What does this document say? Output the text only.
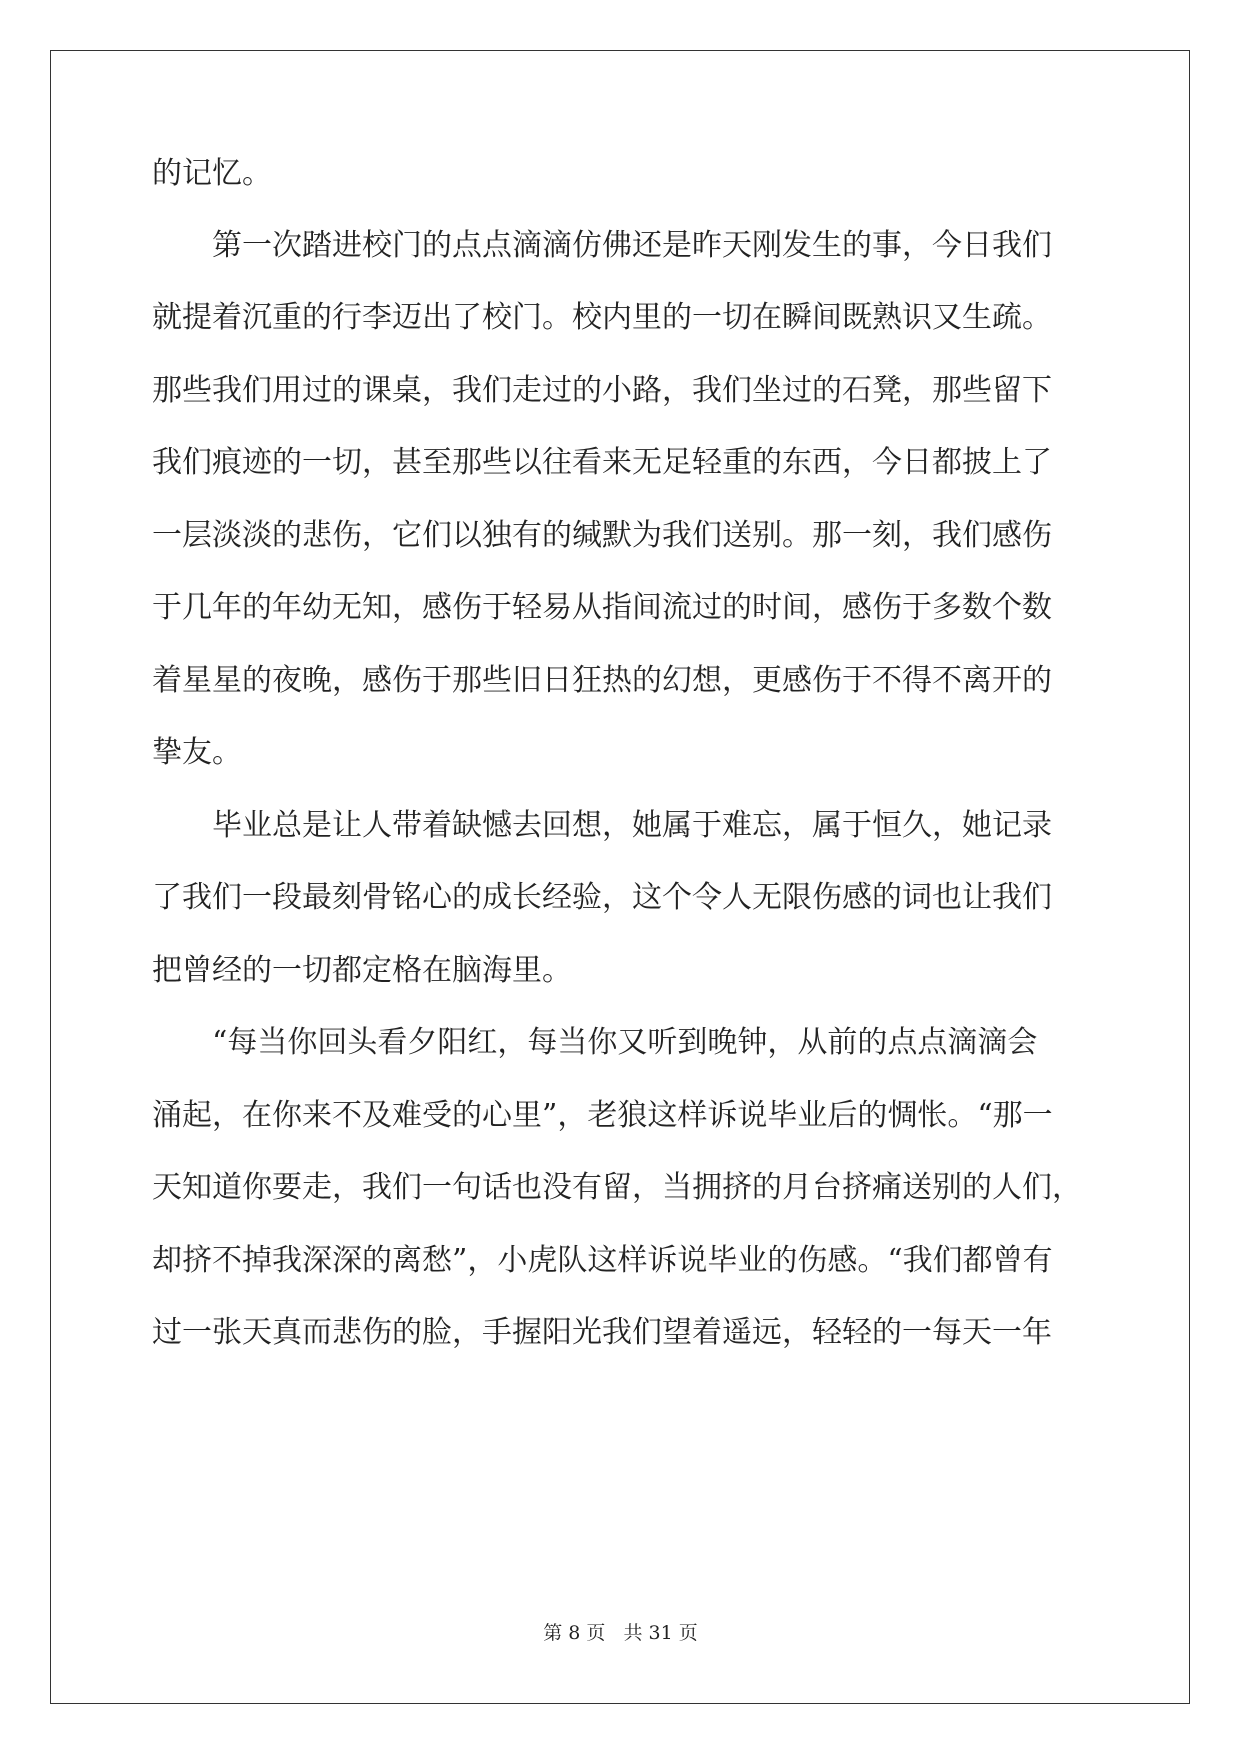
的记忆。
　　第一次踏进校门的点点滴滴仿佛还是昨天刚发生的事，今日我们
就提着沉重的行李迈出了校门。校内里的一切在瞬间既熟识又生疏。
那些我们用过的课桌，我们走过的小路，我们坐过的石凳，那些留下
我们痕迹的一切，甚至那些以往看来无足轻重的东西，今日都披上了
一层淡淡的悲伤，它们以独有的缄默为我们送别。那一刻，我们感伤
于几年的年幼无知，感伤于轻易从指间流过的时间，感伤于多数个数
着星星的夜晚，感伤于那些旧日狂热的幻想，更感伤于不得不离开的
挚友。
　　毕业总是让人带着缺憾去回想，她属于难忘，属于恒久，她记录
了我们一段最刻骨铭心的成长经验，这个令人无限伤感的词也让我们
把曾经的一切都定格在脑海里。
　　“每当你回头看夕阳红，每当你又听到晚钟，从前的点点滴滴会
涌起，在你来不及难受的心里”，老狼这样诉说毕业后的惆怅。“那一
天知道你要走，我们一句话也没有留，当拥挤的月台挤痛送别的人们，
却挤不掉我深深的离愁”，小虎队这样诉说毕业的伤感。“我们都曾有
过一张天真而悲伤的脸，手握阳光我们望着遥远，轻轻的一每天一年
第 8 页   共 31 页
